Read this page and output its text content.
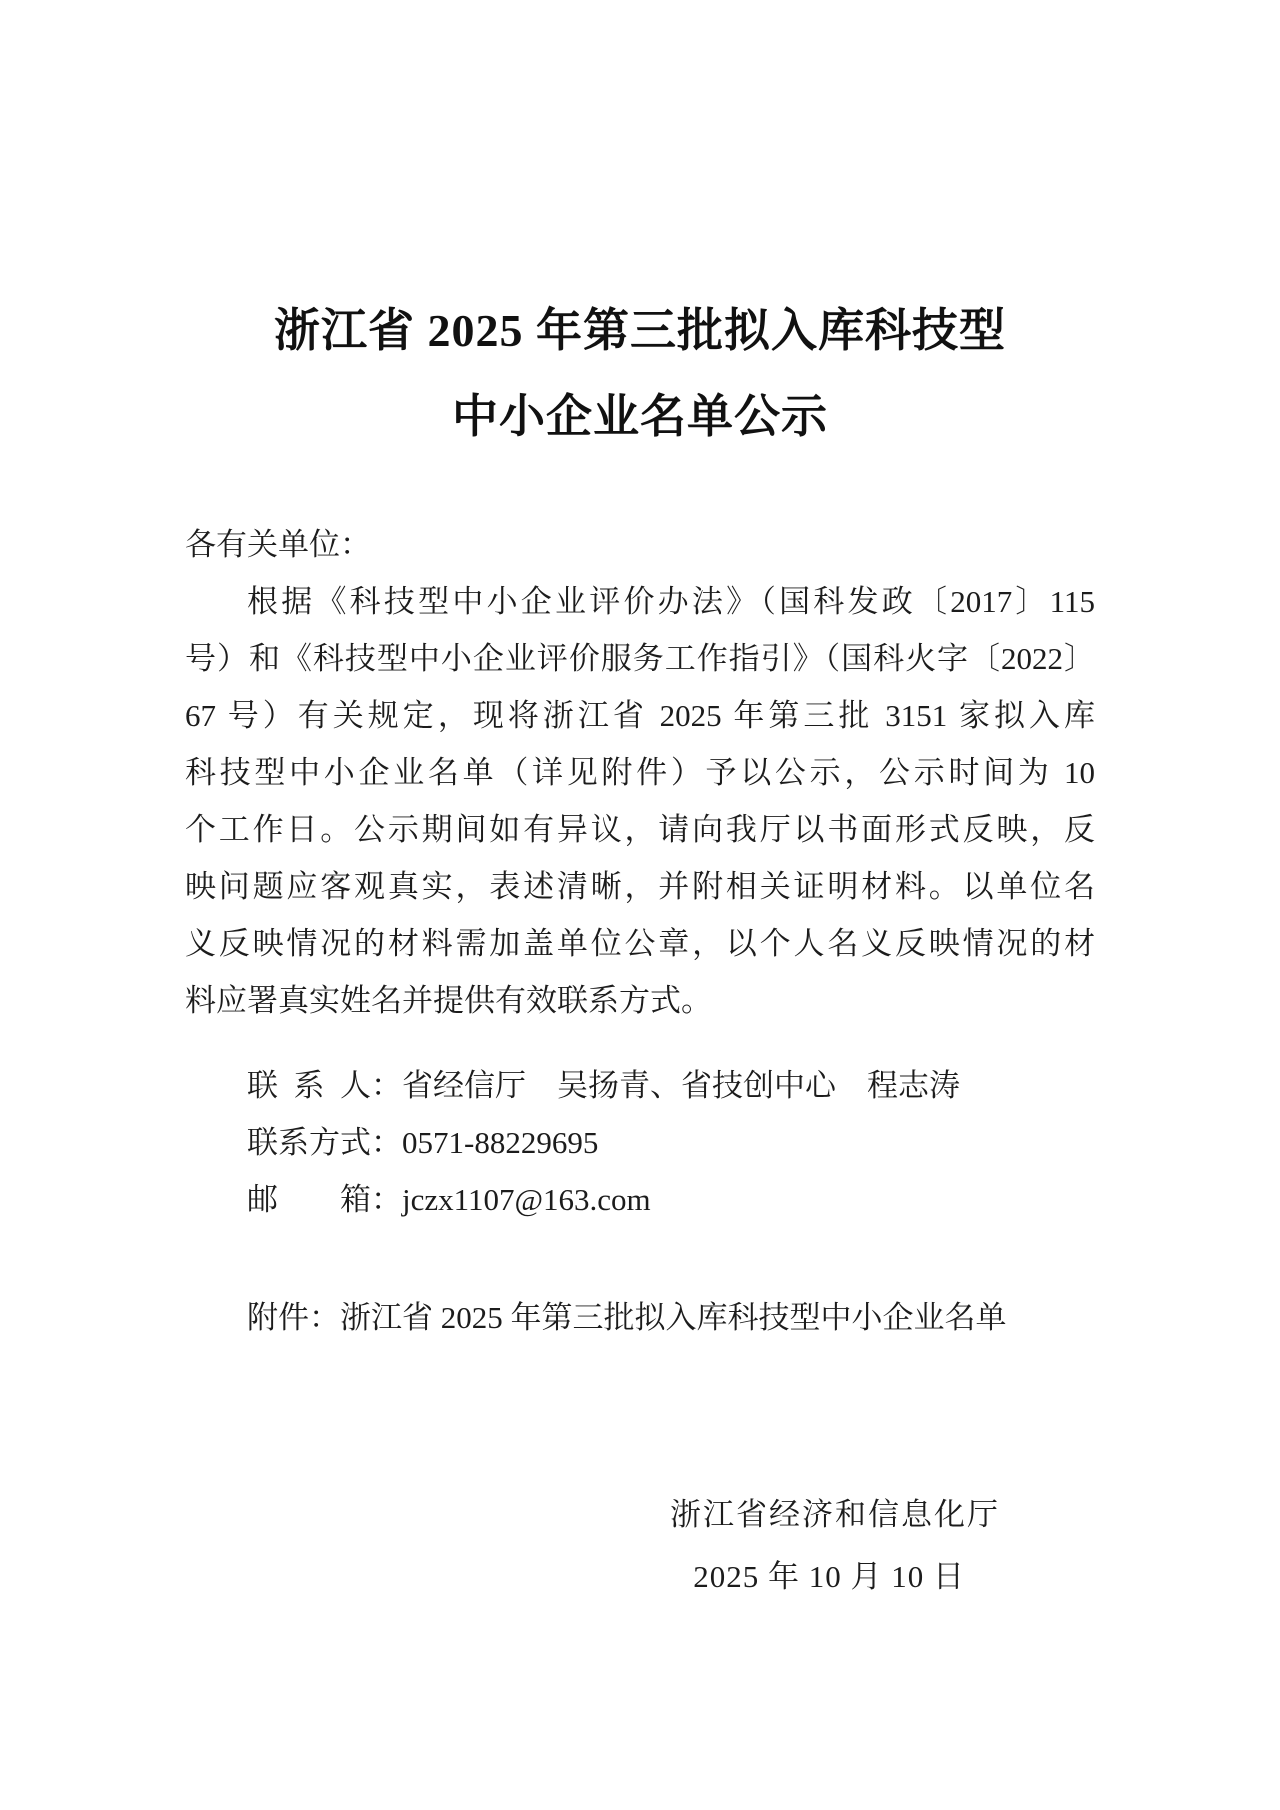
浙江省 2025 年第三批拟入库科技型
中小企业名单公示
各有关单位：
根据《科技型中小企业评价办法》（国科发政〔2017〕115
号）和《科技型中小企业评价服务工作指引》（国科火字〔2022〕
67 号）有关规定，现将浙江省 2025 年第三批 3151 家拟入库
科技型中小企业名单（详见附件）予以公示，公示时间为 10
个工作日。公示期间如有异议，请向我厅以书面形式反映，反
映问题应客观真实，表述清晰，并附相关证明材料。以单位名
义反映情况的材料需加盖单位公章，以个人名义反映情况的材
料应署真实姓名并提供有效联系方式。
联 系 人：省经信厅　吴扬青、省技创中心　程志涛
联系方式：0571-88229695
邮　　箱：jczx1107@163.com
附件：浙江省 2025 年第三批拟入库科技型中小企业名单
浙江省经济和信息化厅
2025 年 10 月 10 日
